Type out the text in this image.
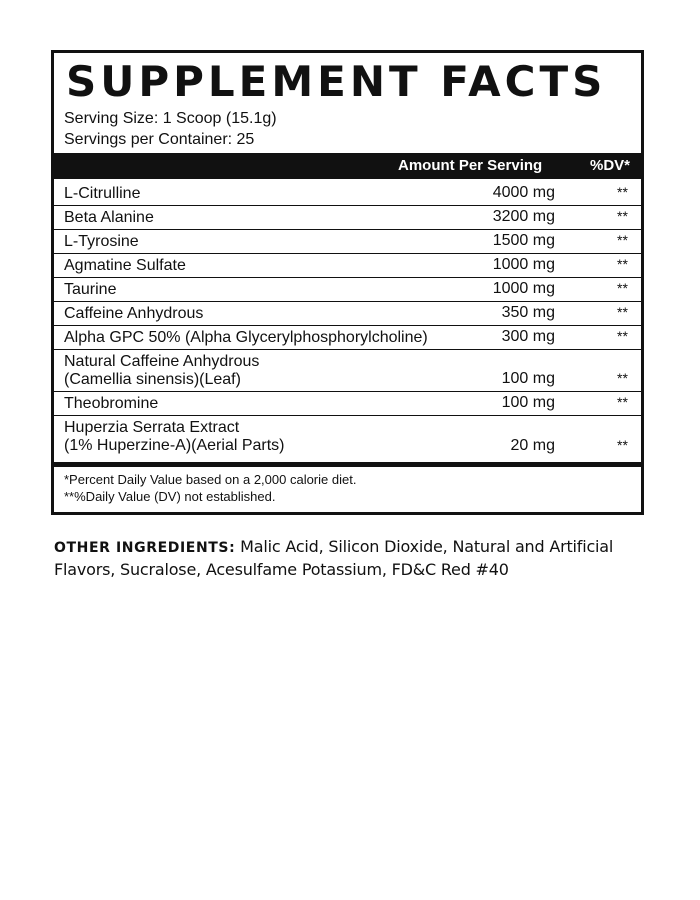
SUPPLEMENT FACTS
Serving Size: 1 Scoop (15.1g)
Servings per Container: 25
Amount Per Serving	%DV*
L-Citrulline	4000 mg	**
Beta Alanine	3200 mg	**
L-Tyrosine	1500 mg	**
Agmatine Sulfate	1000 mg	**
Taurine	1000 mg	**
Caffeine Anhydrous	350 mg	**
Alpha GPC 50% (Alpha Glycerylphosphorylcholine)	300 mg	**
Natural Caffeine Anhydrous
(Camellia sinensis)(Leaf)	100 mg	**
Theobromine	100 mg	**
Huperzia Serrata Extract
(1% Huperzine-A)(Aerial Parts)	20 mg	**
*Percent Daily Value based on a 2,000 calorie diet.
**%Daily Value (DV) not established.
OTHER INGREDIENTS: Malic Acid, Silicon Dioxide, Natural and Artificial Flavors, Sucralose, Acesulfame Potassium, FD&C Red #40
